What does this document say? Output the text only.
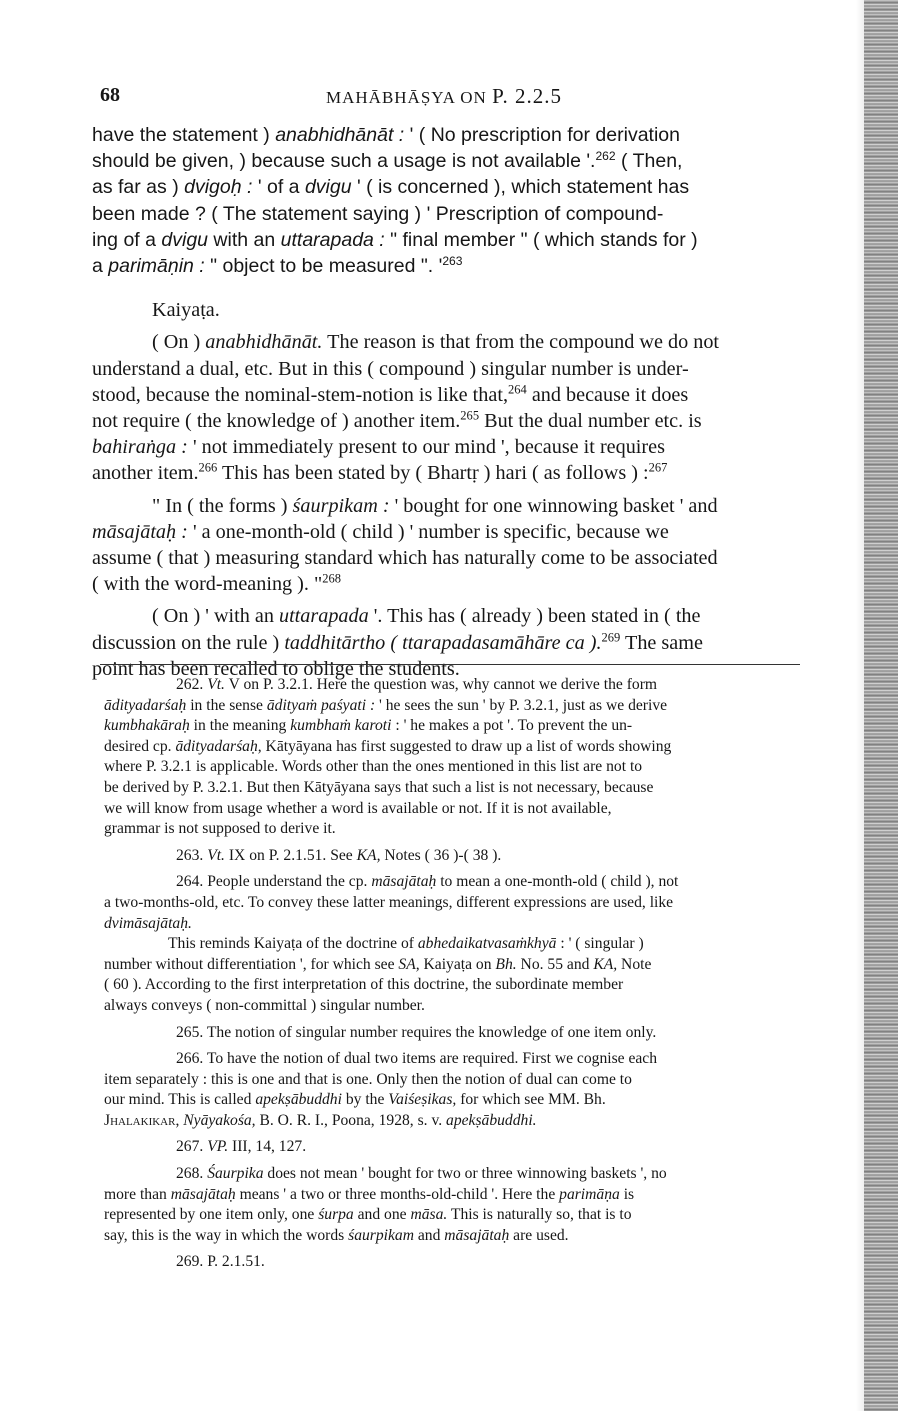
68	MAHĀBHĀṢYA ON P. 2.2.5

have the statement ) anabhidhānāt : ' ( No prescription for derivation

should be given, ) because such a usage is not available '.$^{262}$ ( Then,

as far as ) dvigoḥ : ' of a dvigu ' ( is concerned ), which statement has

been made ? ( The statement saying ) ' Prescription of compound-

ing of a dvigu with an uttarapada : " final member " ( which stands for )

a parimāṇin : " object to be measured ". '$^{263}$

Kaiyaṭa.

( On ) anabhidhānāt. The reason is that from the compound we do not

understand a dual, etc. But in this ( compound ) singular number is under-

stood, because the nominal-stem-notion is like that,$^{264}$ and because it does

not require ( the knowledge of ) another item.$^{265}$ But the dual number etc. is

bahiraṅga : ' not immediately present to our mind ', because it requires

another item.$^{266}$ This has been stated by ( Bhartṛ ) hari ( as follows ) :$^{267}$

" In ( the forms ) śaurpikam : ' bought for one winnowing basket ' and

māsajātaḥ : ' a one-month-old ( child ) ' number is specific, because we

assume ( that ) measuring standard which has naturally come to be associated

( with the word-meaning ). "$^{268}$

( On ) ' with an uttarapada '. This has ( already ) been stated in ( the

discussion on the rule ) taddhitārtho ( ttarapadasamāhāre ca ).$^{269}$ The same

point has been recalled to oblige the students.

262. Vt. V on P. 3.2.1. Here the question was, why cannot we derive the form

ādityadarśaḥ in the sense ādityaṁ paśyati : ' he sees the sun ' by P. 3.2.1, just as we derive

kumbhakāraḥ in the meaning kumbhaṁ karoti : ' he makes a pot '. To prevent the un-

desired cp. ādityadarśaḥ, Kātyāyana has first suggested to draw up a list of words showing

where P. 3.2.1 is applicable. Words other than the ones mentioned in this list are not to

be derived by P. 3.2.1. But then Kātyāyana says that such a list is not necessary, because

we will know from usage whether a word is available or not. If it is not available,

grammar is not supposed to derive it.

263. Vt. IX on P. 2.1.51. See KA, Notes ( 36 )-( 38 ).

264. People understand the cp. māsajātaḥ to mean a one-month-old ( child ), not

a two-months-old, etc. To convey these latter meanings, different expressions are used, like

dvimāsajātaḥ.

This reminds Kaiyaṭa of the doctrine of abhedaikatvasaṁkhyā : ' ( singular )

number without differentiation ', for which see SA, Kaiyaṭa on Bh. No. 55 and KA, Note

( 60 ). According to the first interpretation of this doctrine, the subordinate member

always conveys ( non-committal ) singular number.

265. The notion of singular number requires the knowledge of one item only.

266. To have the notion of dual two items are required. First we cognise each

item separately : this is one and that is one. Only then the notion of dual can come to

our mind. This is called apekṣābuddhi by the Vaiśeṣikas, for which see MM. Bh.

Jhalakikar, Nyāyakośa, B. O. R. I., Poona, 1928, s. v. apekṣābuddhi.

267. VP. III, 14, 127.

268. Śaurpika does not mean ' bought for two or three winnowing baskets ', no

more than māsajātaḥ means ' a two or three months-old-child '. Here the parimāṇa is

represented by one item only, one śurpa and one māsa. This is naturally so, that is to

say, this is the way in which the words śaurpikam and māsajātaḥ are used.

269. P. 2.1.51.
